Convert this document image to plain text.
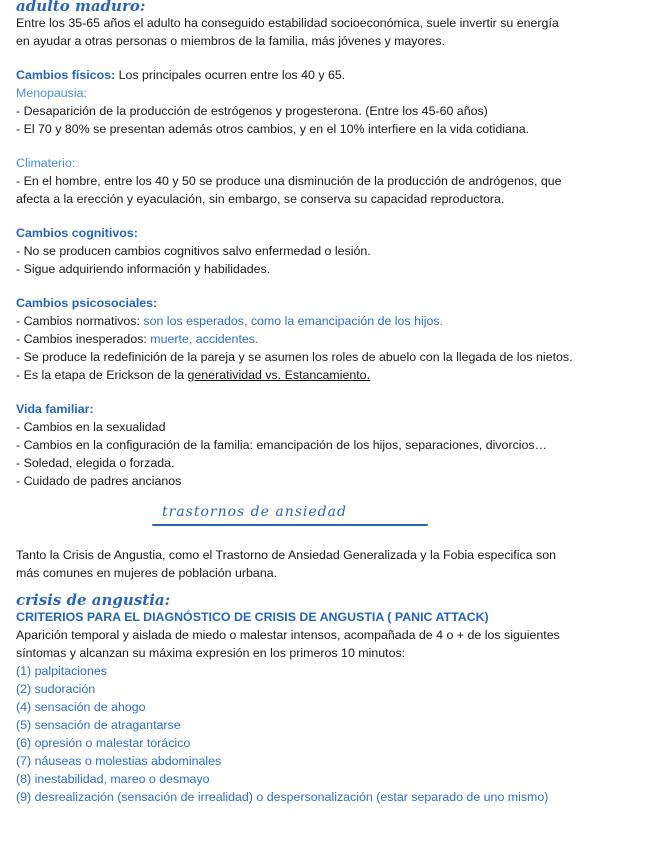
adulto maduro:
Entre los 35-65 años el adulto ha conseguido estabilidad socioeconómica, suele invertir su energía
en ayudar a otras personas o miembros de la familia, más jóvenes y mayores.
Cambios físicos: Los principales ocurren entre los 40 y 65.
Menopausia:
- Desaparición de la producción de estrógenos y progesterona. (Entre los 45-60 años)
- El 70 y 80% se presentan además otros cambios, y en el 10% interfiere en la vida cotidiana.
Climaterio:
- En el hombre, entre los 40 y 50 se produce una disminución de la producción de andrógenos, que
afecta a la erección y eyaculación, sin embargo, se conserva su capacidad reproductora.
Cambios cognitivos:
- No se producen cambios cognitivos salvo enfermedad o lesión.
- Sigue adquiriendo información y habilidades.
Cambios psicosociales:
- Cambios normativos: son los esperados, como la emancipación de los hijos.
- Cambios inesperados: muerte, accidentes.
- Se produce la redefinición de la pareja y se asumen los roles de abuelo con la llegada de los nietos.
- Es la etapa de Erickson de la generatividad vs. Estancamiento.
Vida familiar:
- Cambios en la sexualidad
- Cambios en la configuración de la familia: emancipación de los hijos, separaciones, divorcios…
- Soledad, elegida o forzada.
- Cuidado de padres ancianos
trastornos de ansiedad
Tanto la Crisis de Angustia, como el Trastorno de Ansiedad Generalizada y la Fobia especifica son
más comunes en mujeres de población urbana.
crisis de angustia:
CRITERIOS PARA EL DIAGNÓSTICO DE CRISIS DE ANGUSTIA ( PANIC ATTACK)
Aparición temporal y aislada de miedo o malestar intensos, acompañada de 4 o + de los siguientes
síntomas y alcanzan su máxima expresión en los primeros 10 minutos:
(1) palpitaciones
(2) sudoración
(4) sensación de ahogo
(5) sensación de atragantarse
(6) opresión o malestar torácico
(7) náuseas o molestias abdominales
(8) inestabilidad, mareo o desmayo
(9) desrealización (sensación de irrealidad) o despersonalización (estar separado de uno mismo)
